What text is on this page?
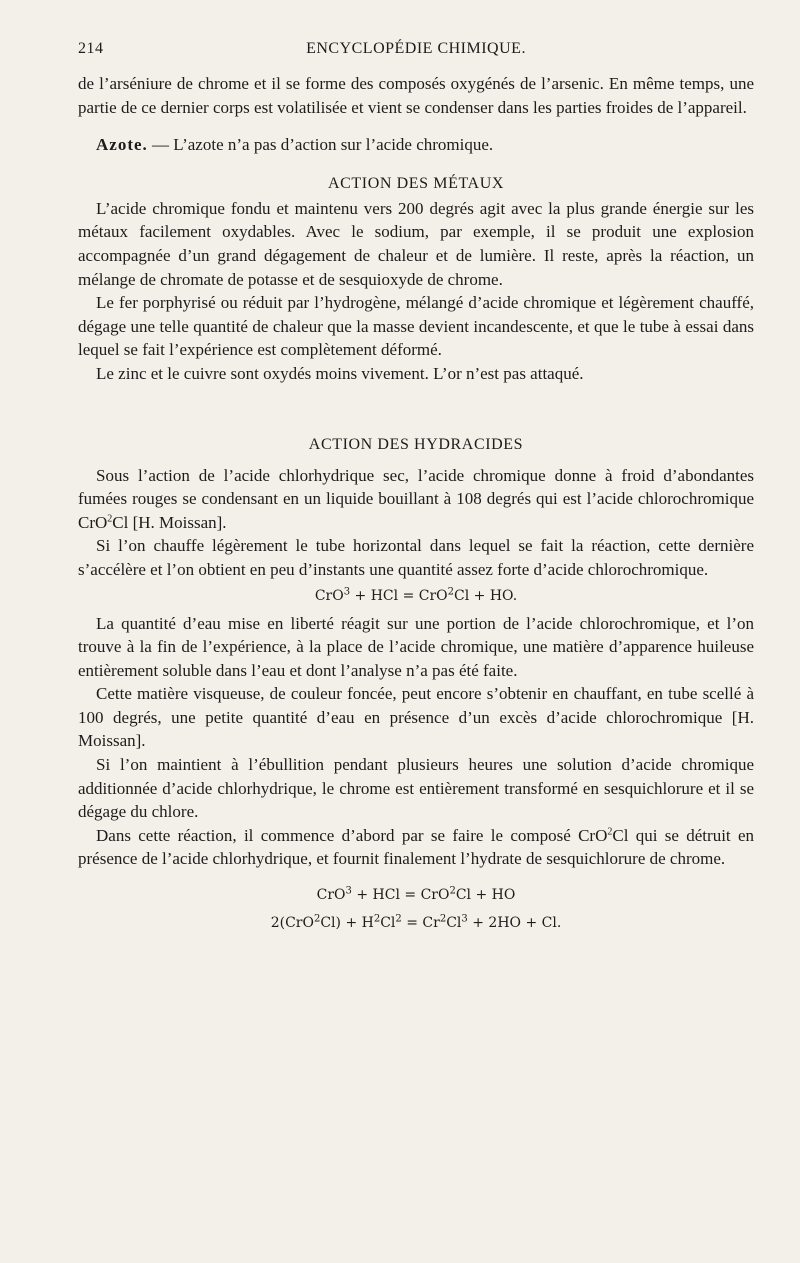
214	ENCYCLOPÉDIE CHIMIQUE.

de l’arséniure de chrome et il se forme des composés oxygénés de l’arsenic. En même temps, une partie de ce dernier corps est volatilisée et vient se condenser dans les parties froides de l’appareil.

Azote. — L’azote n’a pas d’action sur l’acide chromique.

ACTION DES MÉTAUX

L’acide chromique fondu et maintenu vers 200 degrés agit avec la plus grande énergie sur les métaux facilement oxydables. Avec le sodium, par exemple, il se produit une explosion accompagnée d’un grand dégagement de chaleur et de lumière. Il reste, après la réaction, un mélange de chromate de potasse et de sesquioxyde de chrome.

Le fer porphyrisé ou réduit par l’hydrogène, mélangé d’acide chromique et légèrement chauffé, dégage une telle quantité de chaleur que la masse devient incandescente, et que le tube à essai dans lequel se fait l’expérience est complètement déformé.

Le zinc et le cuivre sont oxydés moins vivement. L’or n’est pas attaqué.

ACTION DES HYDRACIDES

Sous l’action de l’acide chlorhydrique sec, l’acide chromique donne à froid d’abondantes fumées rouges se condensant en un liquide bouillant à 108 degrés qui est l’acide chlorochromique CrO$^2$Cl [H. Moissan].

Si l’on chauffe légèrement le tube horizontal dans lequel se fait la réaction, cette dernière s’accélère et l’on obtient en peu d’instants une quantité assez forte d’acide chlorochromique.

CrO$^3$ + HCl = CrO$^2$Cl + HO.

La quantité d’eau mise en liberté réagit sur une portion de l’acide chlorochromique, et l’on trouve à la fin de l’expérience, à la place de l’acide chromique, une matière d’apparence huileuse entièrement soluble dans l’eau et dont l’analyse n’a pas été faite.

Cette matière visqueuse, de couleur foncée, peut encore s’obtenir en chauffant, en tube scellé à 100 degrés, une petite quantité d’eau en présence d’un excès d’acide chlorochromique [H. Moissan].

Si l’on maintient à l’ébullition pendant plusieurs heures une solution d’acide chromique additionnée d’acide chlorhydrique, le chrome est entièrement transformé en sesquichlorure et il se dégage du chlore.

Dans cette réaction, il commence d’abord par se faire le composé CrO$^2$Cl qui se détruit en présence de l’acide chlorhydrique, et fournit finalement l’hydrate de sesquichlorure de chrome.

CrO$^3$ + HCl = CrO$^2$Cl + HO
$2(CrO^2Cl) + H^2Cl^2 = Cr^2Cl^3 + 2HO + Cl$.
